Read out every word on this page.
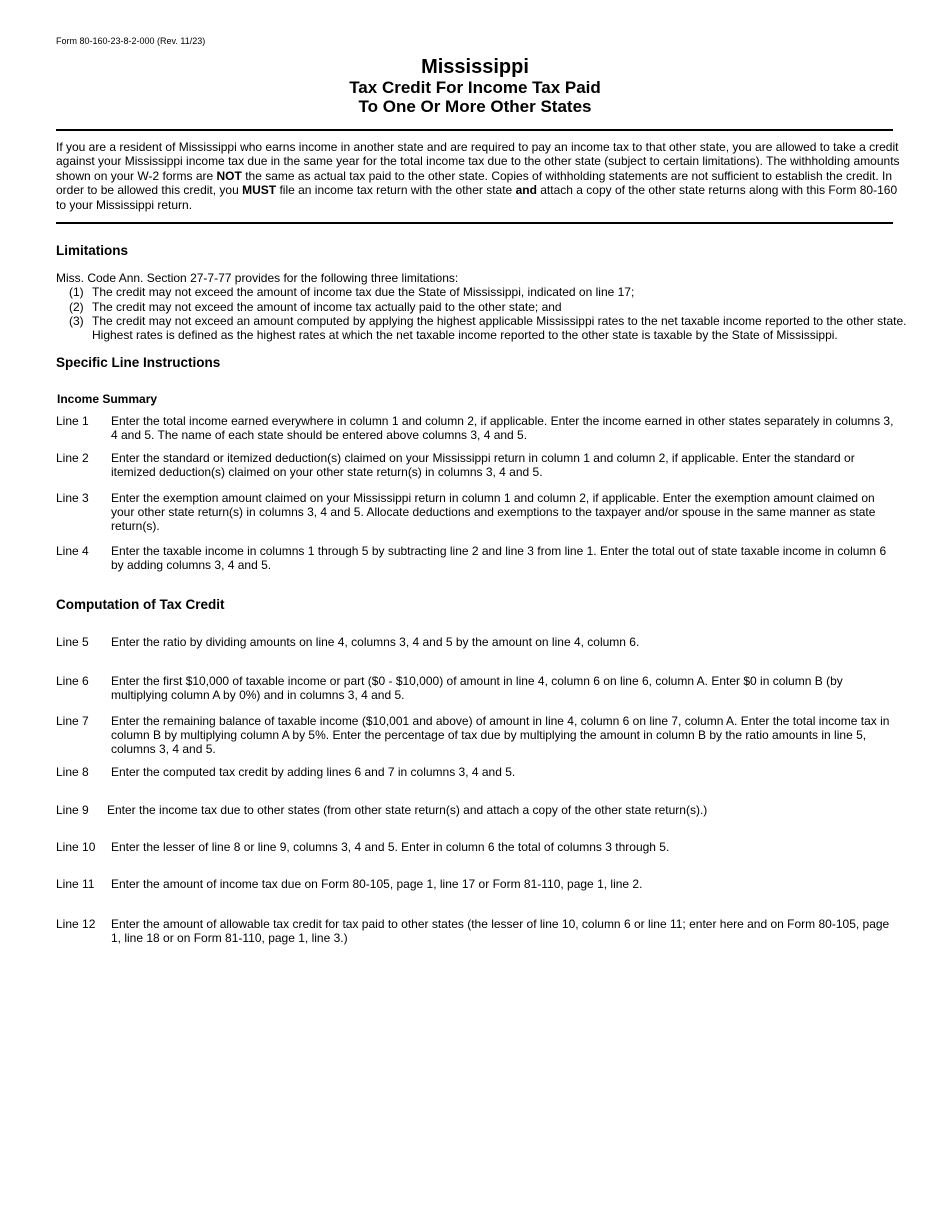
Form 80-160-23-8-2-000 (Rev. 11/23)
Mississippi
Tax Credit For Income Tax Paid
To One Or More Other States
If you are a resident of Mississippi who earns income in another state and are required to pay an income tax to that other state, you are allowed to take a credit against your Mississippi income tax due in the same year for the total income tax due to the other state (subject to certain limitations). The withholding amounts shown on your W-2 forms are NOT the same as actual tax paid to the other state. Copies of withholding statements are not sufficient to establish the credit. In order to be allowed this credit, you MUST file an income tax return with the other state and attach a copy of the other state returns along with this Form 80-160 to your Mississippi return.
Limitations
Miss. Code Ann. Section 27-7-77 provides for the following three limitations:
(1) The credit may not exceed the amount of income tax due the State of Mississippi, indicated on line 17;
(2) The credit may not exceed the amount of income tax actually paid to the other state; and
(3) The credit may not exceed an amount computed by applying the highest applicable Mississippi rates to the net taxable income reported to the other state. Highest rates is defined as the highest rates at which the net taxable income reported to the other state is taxable by the State of Mississippi.
Specific Line Instructions
Income Summary
Line 1 Enter the total income earned everywhere in column 1 and column 2, if applicable. Enter the income earned in other states separately in columns 3, 4 and 5. The name of each state should be entered above columns 3, 4 and 5.
Line 2 Enter the standard or itemized deduction(s) claimed on your Mississippi return in column 1 and column 2, if applicable. Enter the standard or itemized deduction(s) claimed on your other state return(s) in columns 3, 4 and 5.
Line 3 Enter the exemption amount claimed on your Mississippi return in column 1 and column 2, if applicable. Enter the exemption amount claimed on your other state return(s) in columns 3, 4 and 5. Allocate deductions and exemptions to the taxpayer and/or spouse in the same manner as state return(s).
Line 4 Enter the taxable income in columns 1 through 5 by subtracting line 2 and line 3 from line 1. Enter the total out of state taxable income in column 6 by adding columns 3, 4 and 5.
Computation of Tax Credit
Line 5 Enter the ratio by dividing amounts on line 4, columns 3, 4 and 5 by the amount on line 4, column 6.
Line 6 Enter the first $10,000 of taxable income or part ($0 - $10,000) of amount in line 4, column 6 on line 6, column A. Enter $0 in column B (by multiplying column A by 0%) and in columns 3, 4 and 5.
Line 7 Enter the remaining balance of taxable income ($10,001 and above) of amount in line 4, column 6 on line 7, column A. Enter the total income tax in column B by multiplying column A by 5%. Enter the percentage of tax due by multiplying the amount in column B by the ratio amounts in line 5, columns 3, 4 and 5.
Line 8 Enter the computed tax credit by adding lines 6 and 7 in columns 3, 4 and 5.
Line 9 Enter the income tax due to other states (from other state return(s) and attach a copy of the other state return(s).)
Line 10 Enter the lesser of line 8 or line 9, columns 3, 4 and 5. Enter in column 6 the total of columns 3 through 5.
Line 11 Enter the amount of income tax due on Form 80-105, page 1, line 17 or Form 81-110, page 1, line 2.
Line 12 Enter the amount of allowable tax credit for tax paid to other states (the lesser of line 10, column 6 or line 11; enter here and on Form 80-105, page 1, line 18 or on Form 81-110, page 1, line 3.)
